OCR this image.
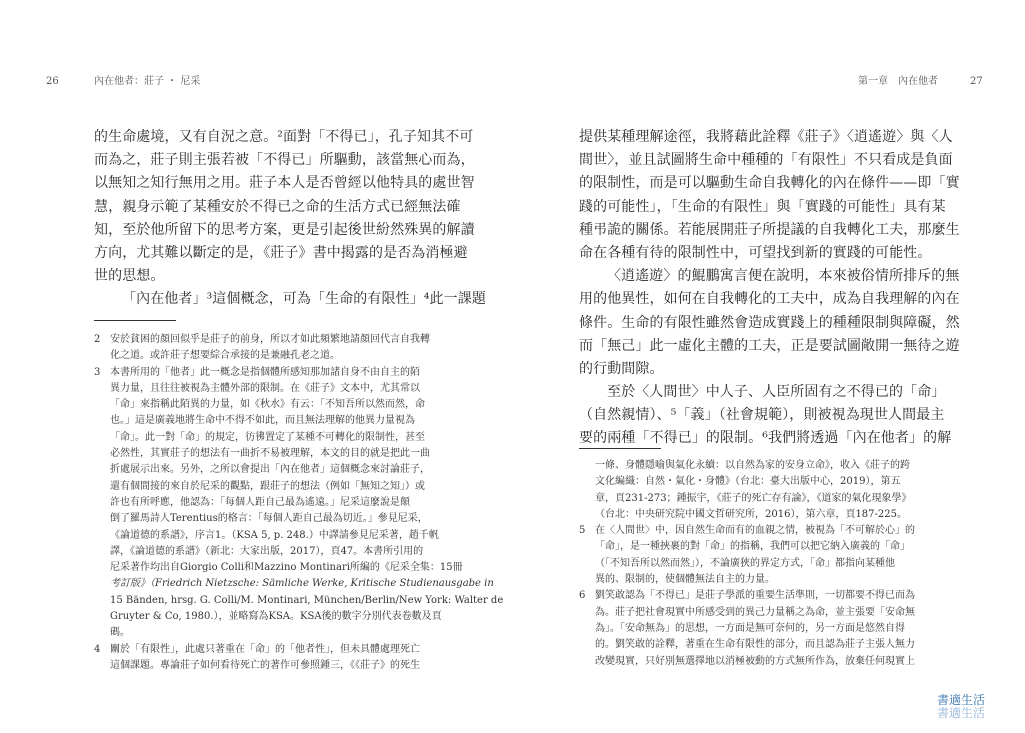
26	內在他者：莊子 ・ 尼采
的生命處境，又有自況之意。²面對「不得已」，孔子知其不可
而為之，莊子則主張若被「不得已」所驅動，該當無心而為，
以無知之知行無用之用。莊子本人是否曾經以他特具的處世智
慧，親身示範了某種安於不得已之命的生活方式已經無法確
知，至於他所留下的思考方案，更是引起後世紛然殊異的解讀
方向，尤其難以斷定的是，《莊子》書中揭露的是否為消極避
世的思想。
「內在他者」³這個概念，可為「生命的有限性」⁴此一課題
2 安於貧困的顏回似乎是莊子的前身，所以才如此頻繁地請顏回代言自我轉
化之道。或許莊子想要綜合承接的是兼融孔老之道。
3 本書所用的「他者」此一概念是指個體所感知那加諸自身不由自主的陌
異力量，且往往被視為主體外部的限制。在《莊子》文本中，尤其常以
「命」來指稱此陌異的力量，如《秋水》有云：「不知吾所以然而然，命
也。」這是廣義地將生命中不得不如此，而且無法理解的他異力量視為
「命」。此一對「命」的規定，彷彿置定了某種不可轉化的限制性，甚至
必然性，其實莊子的想法有一曲折不易被理解，本文的目的就是把此一曲
折處展示出來。另外，之所以會提出「內在他者」這個概念來討論莊子，
還有個間接的來自於尼采的觀點，跟莊子的想法（例如「無知之知」）或
許也有所呼應，他認為：「每個人距自己最為遙遠。」尼采這麼說是顛
倒了羅馬詩人Terentius的格言：「每個人距自己最為切近。」參見尼采，
《論道德的系譜》，序言1。（KSA 5, p. 248.）中譯請參見尼采著，趙千帆
譯，《論道德的系譜》（新北：大家出版，2017），頁47。本書所引用的
尼采著作均出自Giorgio Colli和Mazzino Montinari所編的《尼采全集：15冊
考訂版》（Friedrich Nietzsche: Sämliche Werke, Kritische Studienausgabe in
15 Bänden, hrsg. G. Colli/M. Montinari, München/Berlin/New York: Walter de
Gruyter & Co, 1980.），並略寫為KSA。KSA後的數字分別代表卷數及頁
碼。
4 關於「有限性」，此處只著重在「命」的「他者性」，但未具體處理死亡
這個課題。專論莊子如何看待死亡的著作可參照鍾三，《《莊子》的死生
第一章　內在他者	27
提供某種理解途徑，我將藉此詮釋《莊子》〈逍遙遊〉與〈人
間世〉，並且試圖將生命中種種的「有限性」不只看成是負面
的限制性，而是可以驅動生命自我轉化的內在條件——即「實
踐的可能性」，「生命的有限性」與「實踐的可能性」具有某
種弔詭的關係。若能展開莊子所提議的自我轉化工夫，那麼生
命在各種有待的限制性中，可望找到新的實踐的可能性。
〈逍遙遊〉的鯤鵬寓言便在說明，本來被俗情所排斥的無
用的他異性，如何在自我轉化的工夫中，成為自我理解的內在
條件。生命的有限性雖然會造成實踐上的種種限制與障礙，然
而「無己」此一虛化主體的工夫，正是要試圖敞開一無待之遊
的行動間隙。
至於〈人間世〉中人子、人臣所固有之不得已的「命」
（自然親情）、⁵「義」（社會規範），則被視為現世人間最主
要的兩種「不得已」的限制。⁶我們將透過「內在他者」的解
一條、身體隱喻與氣化永續：以自然為家的安身立命》，收入《莊子的跨
文化編織：自然・氣化・身體》（台北：臺大出版中心，2019），第五
章，頁231-273；鍾振宇，《莊子的死亡存有論》，《道家的氣化現象學》
（台北：中央研究院中國文哲研究所，2016），第六章，頁187-225。
5 在〈人間世〉中，因自然生命而有的血親之情，被視為「不可解於心」的
「命」，是一種挾裹的對「命」的指稱，我們可以把它納入廣義的「命」
（「不知吾所以然而然」），不論廣狹的界定方式，「命」都指向某種他
異的、限制的，使個體無法自主的力量。
6 劉笑敢認為「不得已」是莊子學派的重要生活準則，一切都要不得已而為
為。莊子把社會現實中所感受到的異己力量稱之為命，並主張要「安命無
為」。「安命無為」的思想，一方面是無可奈何的，另一方面是悠然自得
的。劉笑敢的詮釋，著重在生命有限性的部分，而且認為莊子主張人無力
改變現實，只好別無選擇地以消極被動的方式無所作為，放棄任何現實上
書適生活
書適生活
